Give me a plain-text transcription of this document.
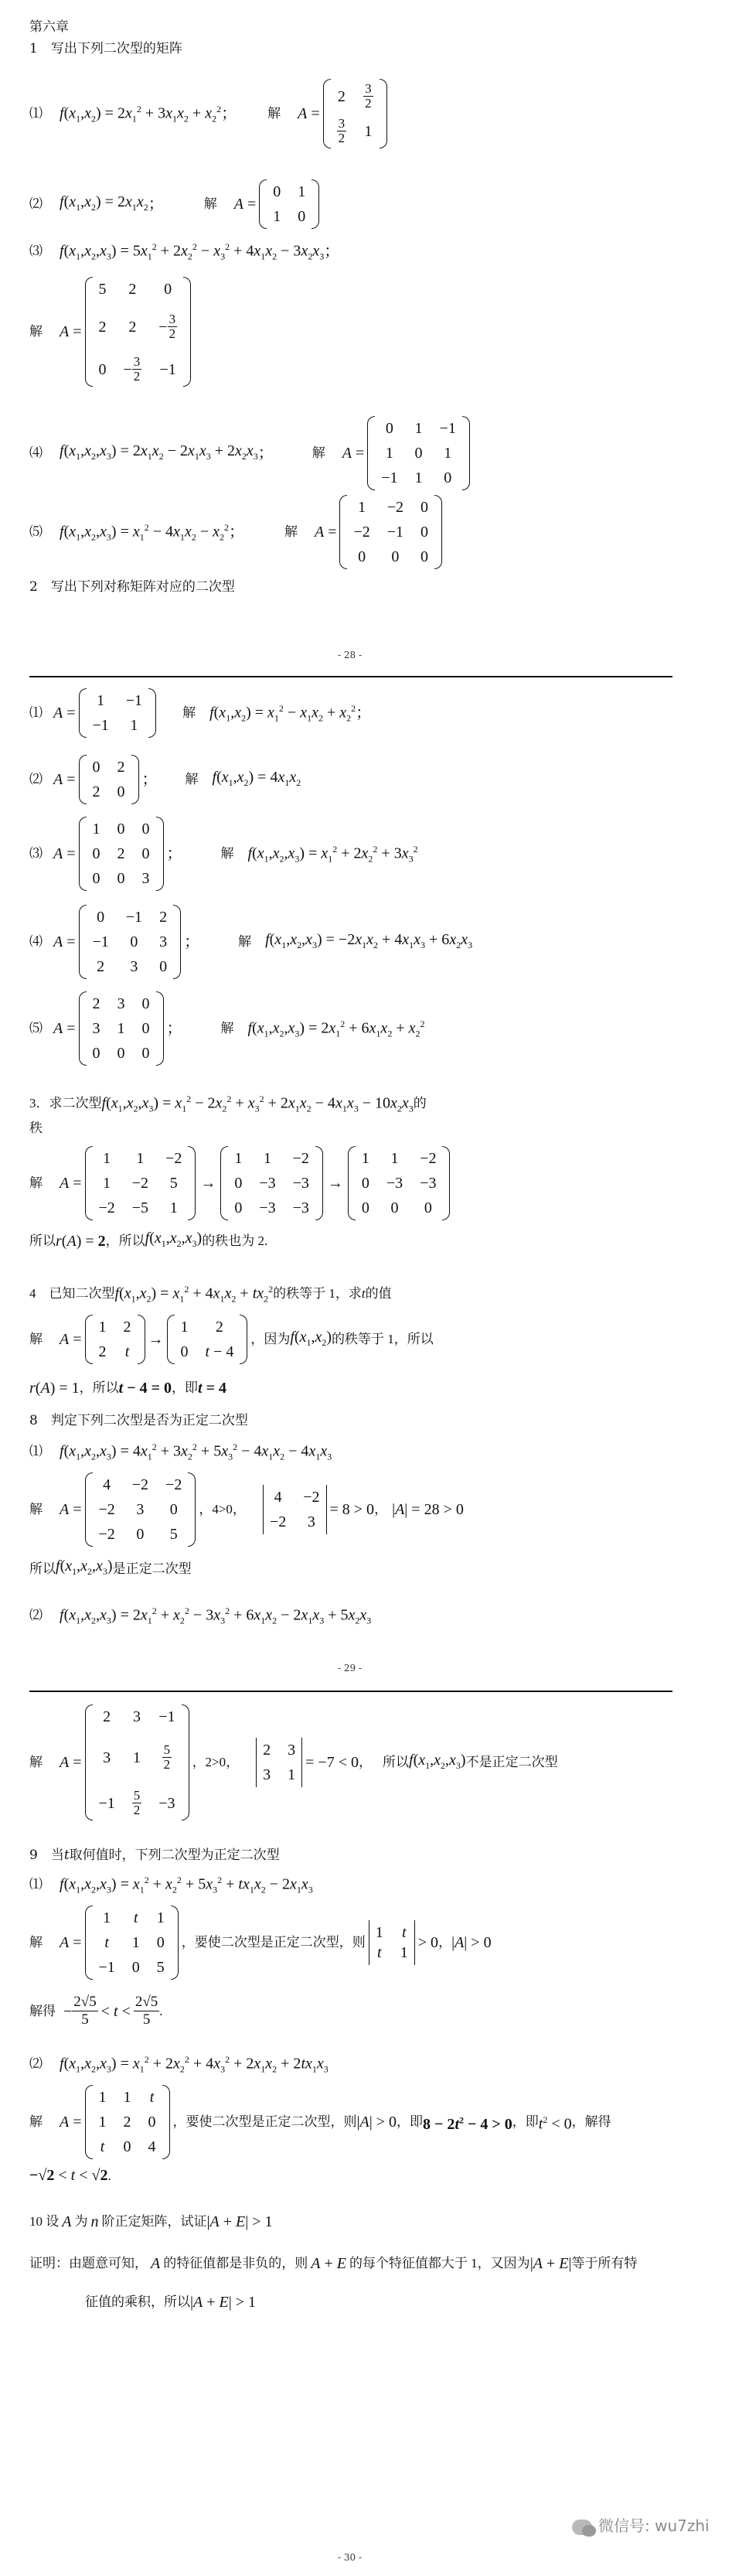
第六章
1　写出下列二次型的矩阵
⑴ $f(x_1,x_2) = 2x_1^2 + 3x_1x_2 + x_2^2$ ； 解 A =
$2 \frac{3}{2}$
$\frac{3}{2} 1$
⑵ $f(x_1,x_2) = 2x_1x_2$ ；	解 A =
0 1
1 0
⑶ $f(x_1,x_2,x_3) = 5x_1^2 + 2x_2^2 - x_3^2 + 4x_1x_2 - 3x_2x_3$ ；
解 A =
5 2 0
2 $2 - \frac{3}{2}$
$0 - \frac{3}{2} -1$
⑷ $f(x_1,x_2,x_3) = 2x_1x_2 - 2x_1x_3 + 2x_2x_3$ ；	解 A =
0 1 −1
1 0 1
−1 1 0
⑸ $f(x_1,x_2,x_3) = x_1^2 - 4x_1x_2 - x_2^2$ ；	解 A =
1 −2 0
−2 −1 0
0 0 0
2　写出下列对称矩阵对应的二次型
- 28 -
⑴ A =
1 −1
−1 1
解 $f(x_1,x_2) = x_1^2 - x_1x_2 + x_2^2$ ；
⑵ A =
0 2
2 0
； 解 $f(x_1,x_2) = 4x_1x_2$
⑶ A =
1 0 0
0 2 0
0 0 3
；	解 $f(x_1,x_2,x_3) = x_1^2 + 2x_2^2 + 3x_3^2$
⑷ A =
0 −1 2
−1 0 3
2 3 0
；	解 $f(x_1,x_2,x_3) = -2x_1x_2 + 4x_1x_3 + 6x_2x_3$
⑸ A =
2 3 0
3 1 0
0 0 0
；	解 $f(x_1,x_2,x_3) = 2x_1^2 + 6x_1x_2 + x_2^2$
3．求二次型 $f(x_1,x_2,x_3) = x_1^2 - 2x_2^2 + x_3^2 + 2x_1x_2 - 4x_1x_3 - 10x_2x_3$ 的
秩
解 A =
1 1 −2
1 −2 5
−2 −5 1
→
1 1 −2
0 −3 −3
0 −3 −3
→
1 1 −2
0 −3 −3
0 0 0
所以 r(A) = 2 ，所以 $f(x_1,x_2,x_3)$ 的秩也为 2.
4　已知二次型 $f(x_1,x_2) = x_1^2 + 4x_1x_2 + tx_2^2$ 的秩等于 1，求 t 的值
解 A =
1 2
2 t
→
1 2
0 t − 4
，因为 $f(x_1,x_2)$ 的秩等于 1，所以
r(A) = 1 ，所以 t − 4 = 0 ，即 t = 4
8　判定下列二次型是否为正定二次型
⑴ $f(x_1,x_2,x_3) = 4x_1^2 + 3x_2^2 + 5x_3^2 - 4x_1x_2 - 4x_1x_3$
解 A =
4 −2 −2
−2 3 0
−2 0 5
，4>0，
4 −2
−2 3
= 8 > 0 ， |A| = 28 > 0
所以 $f(x_1,x_2,x_3)$ 是正定二次型
⑵ $f(x_1,x_2,x_3) = 2x_1^2 + x_2^2 - 3x_3^2 + 6x_1x_2 - 2x_1x_3 + 5x_2x_3$
- 29 -
解 A =
2 3 −1
3 $1 \frac{5}{2}$
$-1 \frac{5}{2} -3$
，2>0，
2 3
3 1
= −7 < 0 ， 所以 $f(x_1,x_2,x_3)$ 不是正定二次型
9　当t取何值时，下列二次型为正定二次型
⑴ $f(x_1,x_2,x_3) = x_1^2 + x_2^2 + 5x_3^2 + tx_1x_2 - 2x_1x_3$
解 A =
1 t 1
t 1 0
−1 0 5
，要使二次型是正定二次型，则
1 t
t 1
> 0 ， |A| > 0
解得 − $\frac{2√5}{5} < t < \frac{2√5}{5}$ .
⑵ $f(x_1,x_2,x_3) = x_1^2 + 2x_2^2 + 4x_3^2 + 2x_1x_2 + 2tx_1x_3$
解 A =
1 1 t
1 2 0
t 0 4
，要使二次型是正定二次型，则 |A| > 0 ，即 $8 - 2t^2 - 4 > 0$ ，即 $t^2 < 0$ ，解得
−√2 < t < √2.
10 设 A 为 n 阶正定矩阵，试证 |A + E| > 1
证明：由题意可知， A 的特征值都是非负的，则 A + E 的每个特征值都大于 1，又因为 |A + E| 等于所有特
征值的乘积，所以 |A + E| > 1
微信号: wu7zhi
- 30 -
